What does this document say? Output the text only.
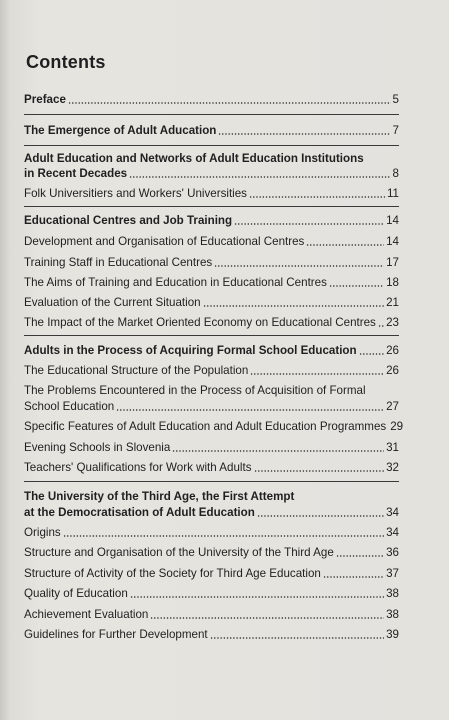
Contents
Preface	5
The Emergence of Adult Aducation	7
Adult Education and Networks of Adult Education Institutions
in Recent Decades	8
Folk Universitiers and Workers' Universities	11
Educational Centres and Job Training	14
Development and Organisation of Educational Centres	14
Training Staff in Educational Centres	17
The Aims of Training and Education in Educational Centres	18
Evaluation of the Current Situation	21
The Impact of the Market Oriented Economy on Educational Centres 23
Adults in the Process of Acquiring Formal School Education	26
The Educational Structure of the Population	26
The Problems Encountered in the Process of Acquisition of Formal
School Education	27
Specific Features of Adult Education and Adult Education Programmes 29
Evening Schools in Slovenia	31
Teachers' Qualifications for Work with Adults	32
The University of the Third Age, the First Attempt
at the Democratisation of Adult Education	34
Origins	34
Structure and Organisation of the University of the Third Age	36
Structure of Activity of the Society for Third Age Education	37
Quality of Education	38
Achievement Evaluation	38
Guidelines for Further Development	39
